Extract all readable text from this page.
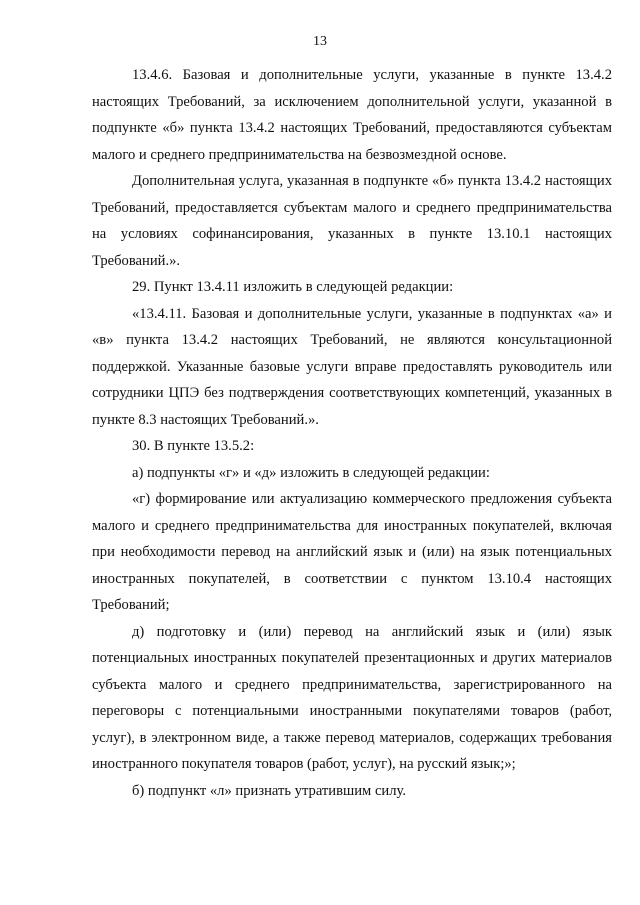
13

13.4.6. Базовая и дополнительные услуги, указанные в пункте 13.4.2 настоящих Требований, за исключением дополнительной услуги, указанной в подпункте «б» пункта 13.4.2 настоящих Требований, предоставляются субъектам малого и среднего предпринимательства на безвозмездной основе.

Дополнительная услуга, указанная в подпункте «б» пункта 13.4.2 настоящих Требований, предоставляется субъектам малого и среднего предпринимательства на условиях софинансирования, указанных в пункте 13.10.1 настоящих Требований.».

29. Пункт 13.4.11 изложить в следующей редакции:

«13.4.11. Базовая и дополнительные услуги, указанные в подпунктах «а» и «в» пункта 13.4.2 настоящих Требований, не являются консультационной поддержкой. Указанные базовые услуги вправе предоставлять руководитель или сотрудники ЦПЭ без подтверждения соответствующих компетенций, указанных в пункте 8.3 настоящих Требований.».

30. В пункте 13.5.2:

а) подпункты «г» и «д» изложить в следующей редакции:

«г) формирование или актуализацию коммерческого предложения субъекта малого и среднего предпринимательства для иностранных покупателей, включая при необходимости перевод на английский язык и (или) на язык потенциальных иностранных покупателей, в соответствии с пунктом 13.10.4 настоящих Требований;

д) подготовку и (или) перевод на английский язык и (или) язык потенциальных иностранных покупателей презентационных и других материалов субъекта малого и среднего предпринимательства, зарегистрированного на переговоры с потенциальными иностранными покупателями товаров (работ, услуг), в электронном виде, а также перевод материалов, содержащих требования иностранного покупателя товаров (работ, услуг), на русский язык;»;

б) подпункт «л» признать утратившим силу.
